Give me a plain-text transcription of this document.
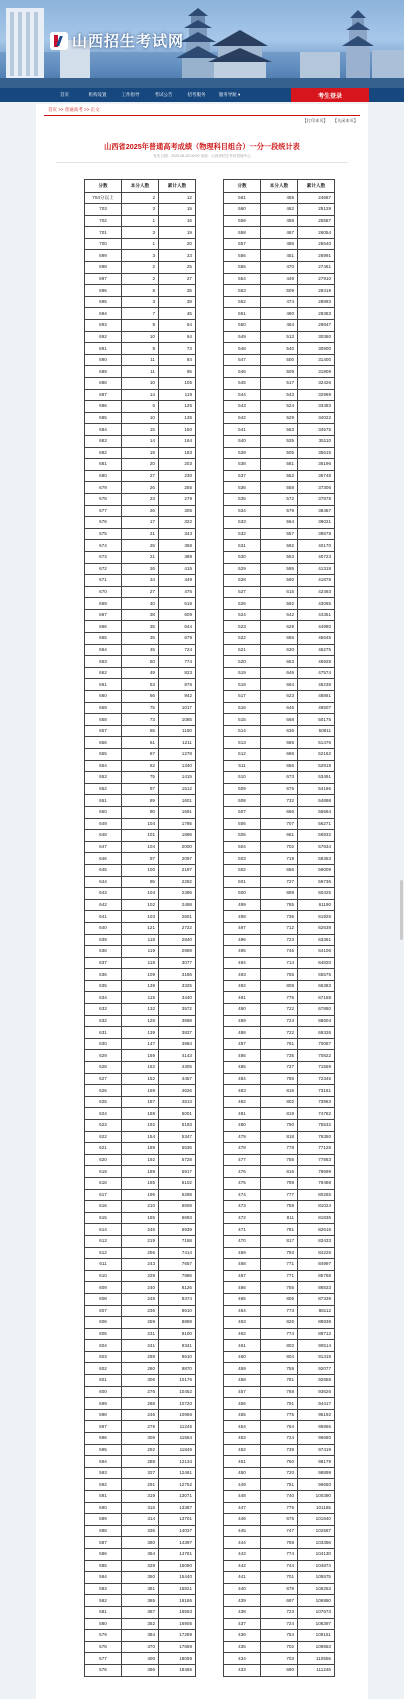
山西招生考试网
首页	机构设置	工作指导	考试公告	招考服务	服务导航 ▾	考生登录
首页 >> 普通高考 >> 正文
【打印本页】 【关闭本页】
山西省2025年普通高考成绩（物理科目组合）一分一段统计表
发布日期：2025-06-25 09:00 来源：山西省招生考试管理中心
分数	本分人数	累计人数
704分以上	2	12
703	3	15
702	1	16
701	3	19
700	1	20
699	3	23
698	2	25
697	2	27
696	8	35
695	3	38
694	7	45
693	9	54
692	10	64
691	9	73
690	11	84
689	11	95
688	10	105
687	14	119
686	6	125
685	10	135
684	15	150
683	14	164
682	19	183
681	20	203
680	27	230
679	26	256
678	23	279
677	26	305
676	17	322
675	21	343
674	25	368
673	21	389
672	26	415
671	34	449
670	27	476
669	40	516
667	38	609
666	35	644
665	35	679
664	45	724
663	50	774
662	49	823
661	53	876
660	66	942
659	75	1017
658	73	1085
657	65	1150
656	61	1211
655	67	1278
654	62	1340
653	75	1415
652	97	1512
651	89	1601
650	90	1691
649	104	1795
648	101	1896
647	104	2000
646	97	2097
645	100	2197
644	95	2292
643	104	2396
642	102	2498
641	103	2601
640	121	2722
639	118	2840
638	119	2959
637	118	3077
636	109	3186
635	139	3325
634	115	3440
633	132	3572
632	126	3698
631	139	3837
630	147	3984
629	159	4143
628	162	4305
627	152	4457
626	169	4626
625	187	4813
624	188	5001
623	192	5193
622	154	5347
621	189	5536
620	192	5728
619	189	5917
618	185	6102
617	196	6298
616	210	6508
615	185	6693
614	246	6939
613	219	7158
612	256	7414
611	243	7657
610	229	7886
609	240	8126
608	248	8374
607	236	8610
606	259	8869
605	231	9100
604	241	9341
603	269	9610
602	260	9870
601	306	10176
600	276	10452
599	268	10720
598	246	10966
597	279	11245
596	309	11554
595	292	11846
594	288	12134
593	327	12461
592	291	12752
591	319	13071
590	316	13387
589	314	13701
588	336	14037
587	360	14397
586	364	14761
585	329	15090
584	350	15440
583	381	15821
582	365	16186
581	367	16553
580	352	16905
579	384	17289
578	370	17659
577	400	18059
576	396	18455
分数	本分人数	累计人数
561	465	24667
560	462	25129
559	458	25587
558	467	26054
557	486	26540
556	451	26991
555	470	27461
554	449	27910
553	509	28419
552	474	28893
551	490	29383
550	464	29847
549	513	30360
548	540	30900
547	500	31400
546	509	31909
545	517	32426
544	543	32969
543	524	33493
542	529	34022
541	553	34575
540	535	35110
539	505	35615
538	581	36196
537	552	36748
536	558	37306
535	572	37878
534	579	38457
533	564	39021
532	557	39578
531	592	40170
530	553	40723
529	595	41318
528	560	41878
527	615	42493
526	592	43085
524	642	44351
523	629	44980
522	665	45645
521	630	46275
520	653	46928
519	646	47574
518	664	48238
517	623	48861
516	646	49507
515	668	50175
514	636	50811
513	665	51476
512	686	52162
511	656	52818
510	673	53491
509	675	54166
508	732	54898
507	666	55564
506	707	56271
505	661	56932
504	702	57634
503	719	58353
502	656	59009
501	727	59736
500	689	60425
499	765	61190
498	736	61926
497	712	62638
496	723	63361
495	745	64106
494	714	64820
493	755	65575
492	808	66383
491	775	67158
490	722	67880
489	724	68604
488	722	69326
487	761	70087
486	735	70822
485	737	71559
484	786	72345
483	816	73161
482	802	73963
481	819	74782
480	750	75532
479	818	76350
478	778	77128
477	755	77883
476	816	78699
475	789	79488
474	777	80265
473	759	81024
472	811	81835
471	781	82616
470	817	83433
469	793	84226
468	771	84997
467	771	85768
466	765	86533
465	806	87339
464	773	88112
463	826	88938
462	774	89712
461	802	90514
460	804	91318
459	759	92077
458	781	92858
457	768	93626
456	791	94417
455	775	95192
454	764	95956
453	724	96680
452	739	97419
451	760	98179
450	720	98899
449	751	99650
448	740	100390
447	775	101165
446	675	101840
445	747	102587
444	769	103356
443	774	104130
442	744	104874
441	701	105575
440	678	106253
439	697	106950
438	723	107673
437	724	108397
436	754	109151
435	702	109853
434	703	110556
433	690	111246
